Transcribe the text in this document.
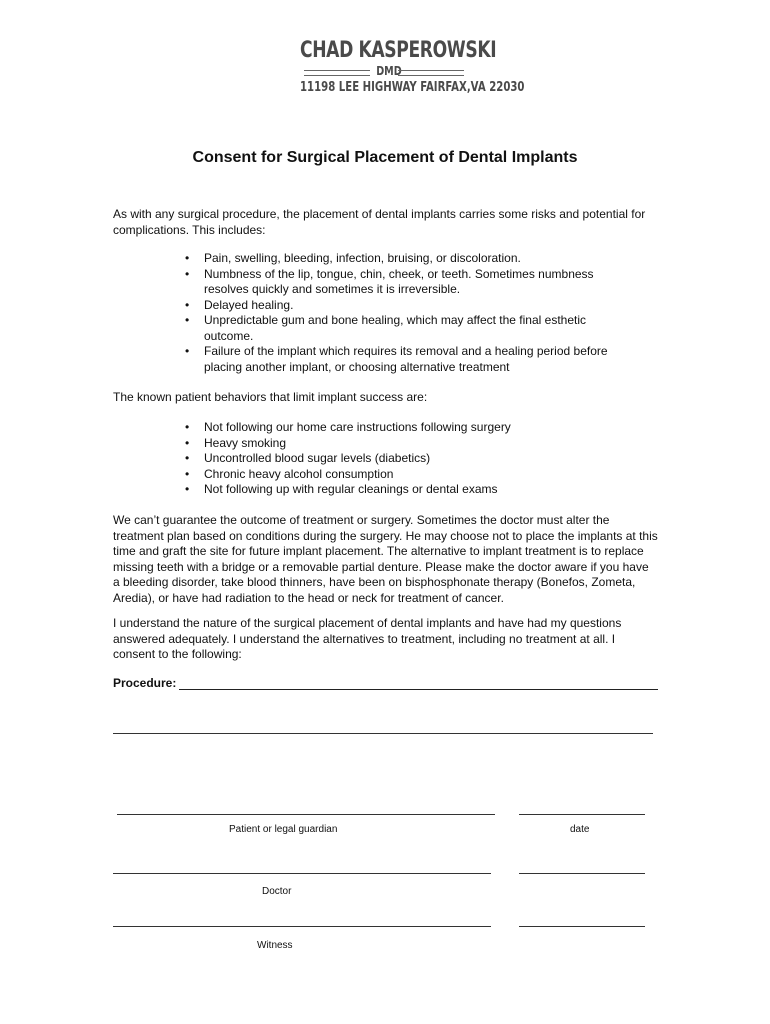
CHAD KASPEROWSKI
DMD
11198 LEE HIGHWAY FAIRFAX,VA 22030
Consent for Surgical Placement of Dental Implants
As with any surgical procedure, the placement of dental implants carries some risks and potential for complications. This includes:
• Pain, swelling, bleeding, infection, bruising, or discoloration.
• Numbness of the lip, tongue, chin, cheek, or teeth. Sometimes numbness resolves quickly and sometimes it is irreversible.
• Delayed healing.
• Unpredictable gum and bone healing, which may affect the final esthetic outcome.
• Failure of the implant which requires its removal and a healing period before placing another implant, or choosing alternative treatment
The known patient behaviors that limit implant success are:
• Not following our home care instructions following surgery
• Heavy smoking
• Uncontrolled blood sugar levels (diabetics)
• Chronic heavy alcohol consumption
• Not following up with regular cleanings or dental exams
We can’t guarantee the outcome of treatment or surgery. Sometimes the doctor must alter the treatment plan based on conditions during the surgery. He may choose not to place the implants at this time and graft the site for future implant placement. The alternative to implant treatment is to replace missing teeth with a bridge or a removable partial denture. Please make the doctor aware if you have a bleeding disorder, take blood thinners, have been on bisphosphonate therapy (Bonefos, Zometa, Aredia), or have had radiation to the head or neck for treatment of cancer.
I understand the nature of the surgical placement of dental implants and have had my questions answered adequately. I understand the alternatives to treatment, including no treatment at all. I consent to the following:
Procedure:
Patient or legal guardian	date
Doctor
Witness
